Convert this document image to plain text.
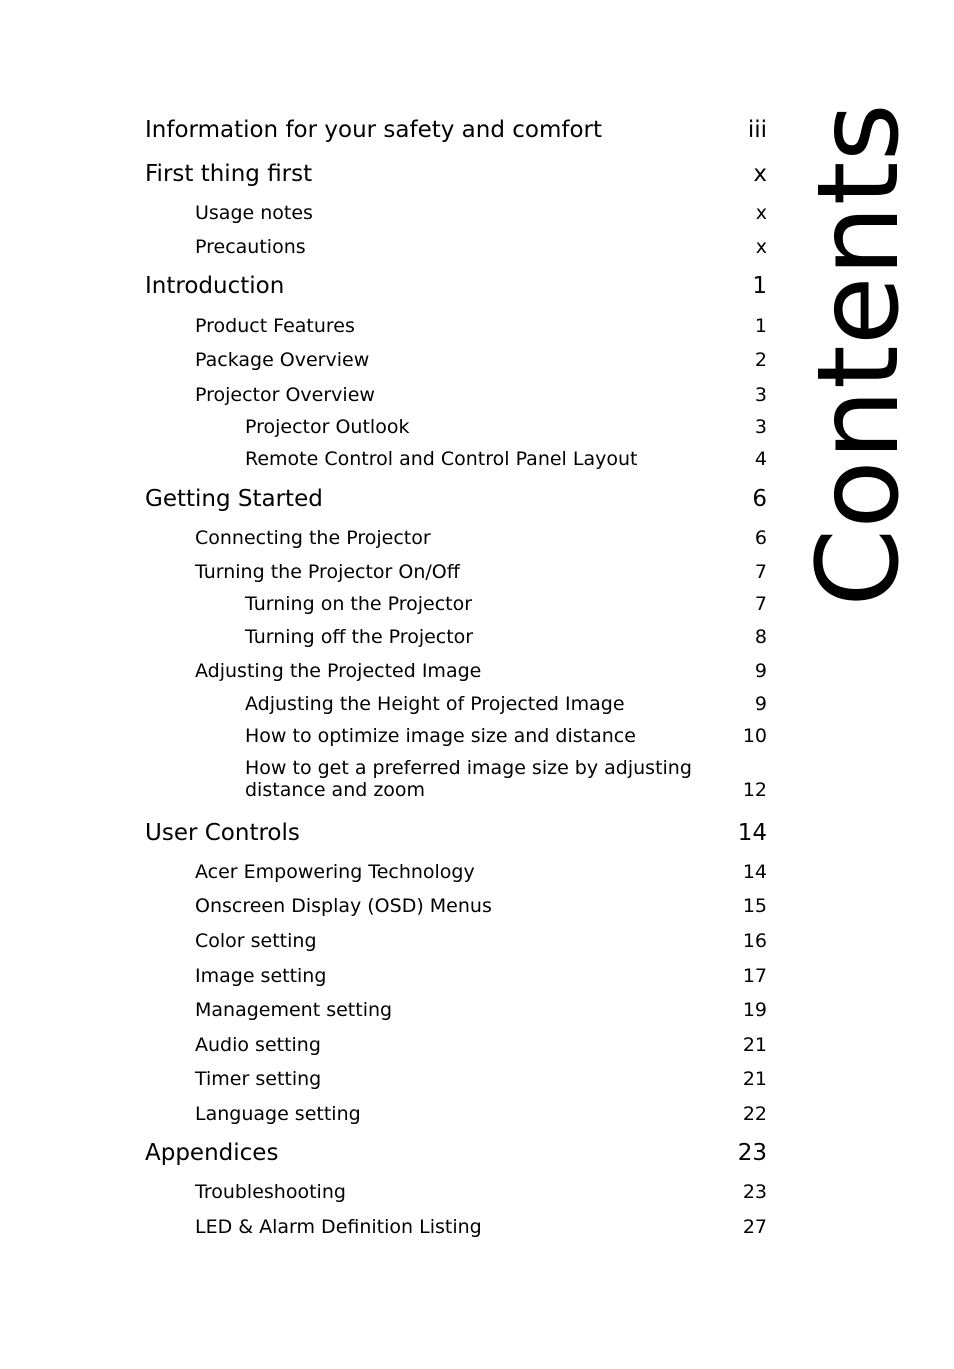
Contents
Information for your safety and comfort	iii
First thing first	x
Usage notes	x
Precautions	x
Introduction	1
Product Features	1
Package Overview	2
Projector Overview	3
Projector Outlook	3
Remote Control and Control Panel Layout	4
Getting Started	6
Connecting the Projector	6
Turning the Projector On/Off	7
Turning on the Projector	7
Turning off the Projector	8
Adjusting the Projected Image	9
Adjusting the Height of Projected Image	9
How to optimize image size and distance	10
How to get a preferred image size by adjusting
distance and zoom	12
User Controls	14
Acer Empowering Technology	14
Onscreen Display (OSD) Menus	15
Color setting	16
Image setting	17
Management setting	19
Audio setting	21
Timer setting	21
Language setting	22
Appendices	23
Troubleshooting	23
LED & Alarm Definition Listing	27
